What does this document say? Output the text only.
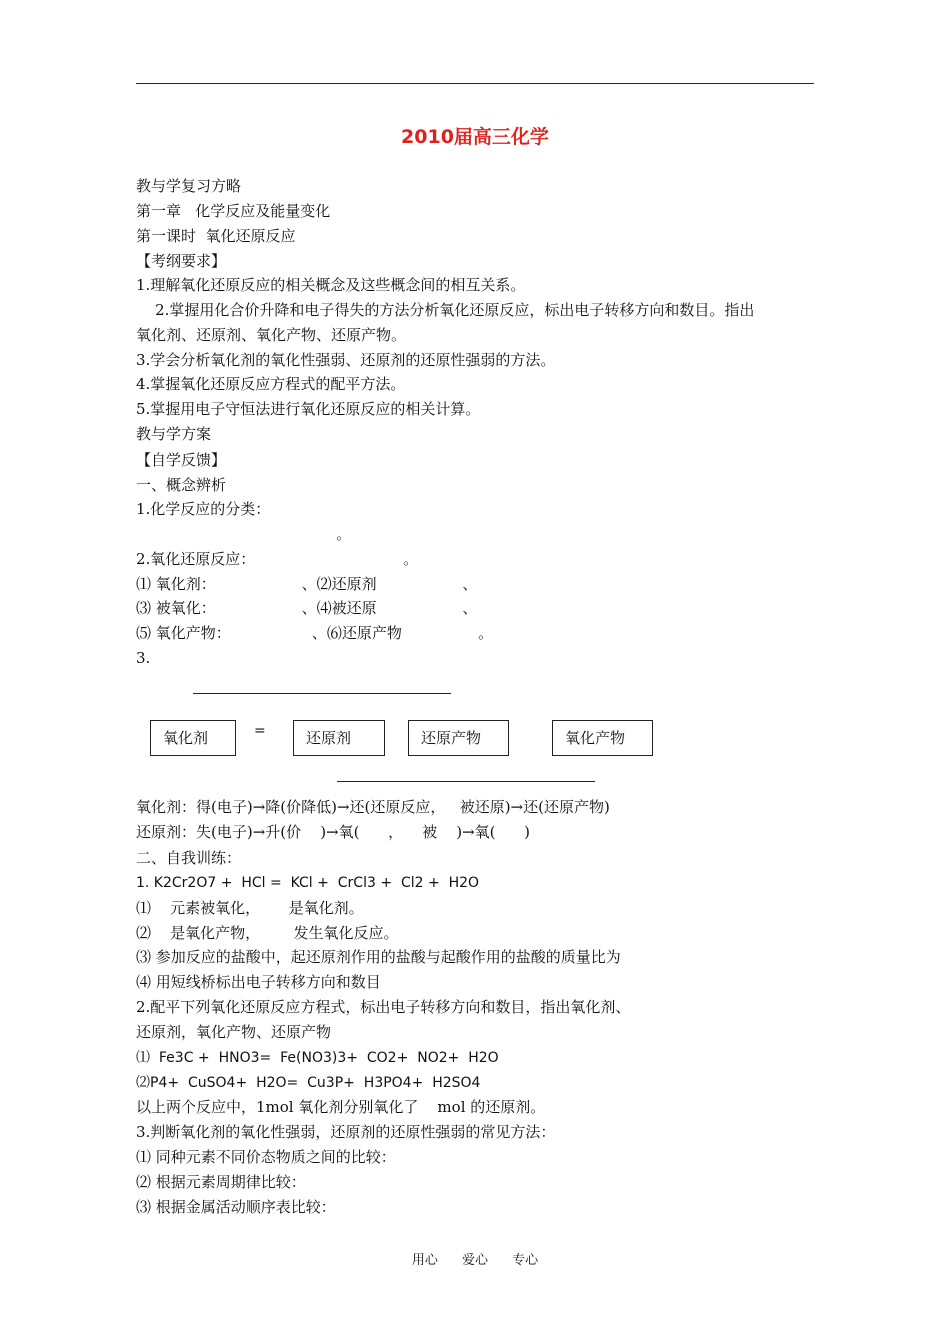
2010届高三化学
教与学复习方略
第一章   化学反应及能量变化
第一课时  氧化还原反应
【考纲要求】
1.理解氧化还原反应的相关概念及这些概念间的相互关系。
2.掌握用化合价升降和电子得失的方法分析氧化还原反应，标出电子转移方向和数目。指出
氧化剂、还原剂、氧化产物、还原产物。
3.学会分析氧化剂的氧化性强弱、还原剂的还原性强弱的方法。
4.掌握氧化还原反应方程式的配平方法。
5.掌握用电子守恒法进行氧化还原反应的相关计算。
教与学方案
【自学反馈】
一、概念辨析
1.化学反应的分类：
。
2.氧化还原反应：                               。
⑴ 氧化剂：                  、⑵还原剂                  、
⑶ 被氧化：                  、⑷被还原                  、
⑸ 氧化产物：                 、⑹还原产物                。
3.
氧化剂	=	还原剂	还原产物	氧化产物
氧化剂：得(电子)→降(价降低)→还(还原反应，   被还原)→还(还原产物)
还原剂：失(电子)→升(价    )→氧(      ，    被    )→氧(      )
二、自我训练：
1. K2Cr2O7 +  HCl =  KCl +  CrCl3 +  Cl2 +  H2O
⑴    元素被氧化，      是氧化剂。
⑵    是氧化产物，       发生氧化反应。
⑶ 参加反应的盐酸中，起还原剂作用的盐酸与起酸作用的盐酸的质量比为
⑷ 用短线桥标出电子转移方向和数目
2.配平下列氧化还原反应方程式，标出电子转移方向和数目，指出氧化剂、
还原剂，氧化产物、还原产物
⑴  Fe3C +  HNO3=  Fe(NO3)3+  CO2+  NO2+  H2O
⑵P4+  CuSO4+  H2O=  Cu3P+  H3PO4+  H2SO4
以上两个反应中，1mol 氧化剂分别氧化了    mol 的还原剂。
3.判断氧化剂的氧化性强弱，还原剂的还原性强弱的常见方法：
⑴ 同种元素不同价态物质之间的比较：
⑵ 根据元素周期律比较：
⑶ 根据金属活动顺序表比较：
用心 爱心 专心
